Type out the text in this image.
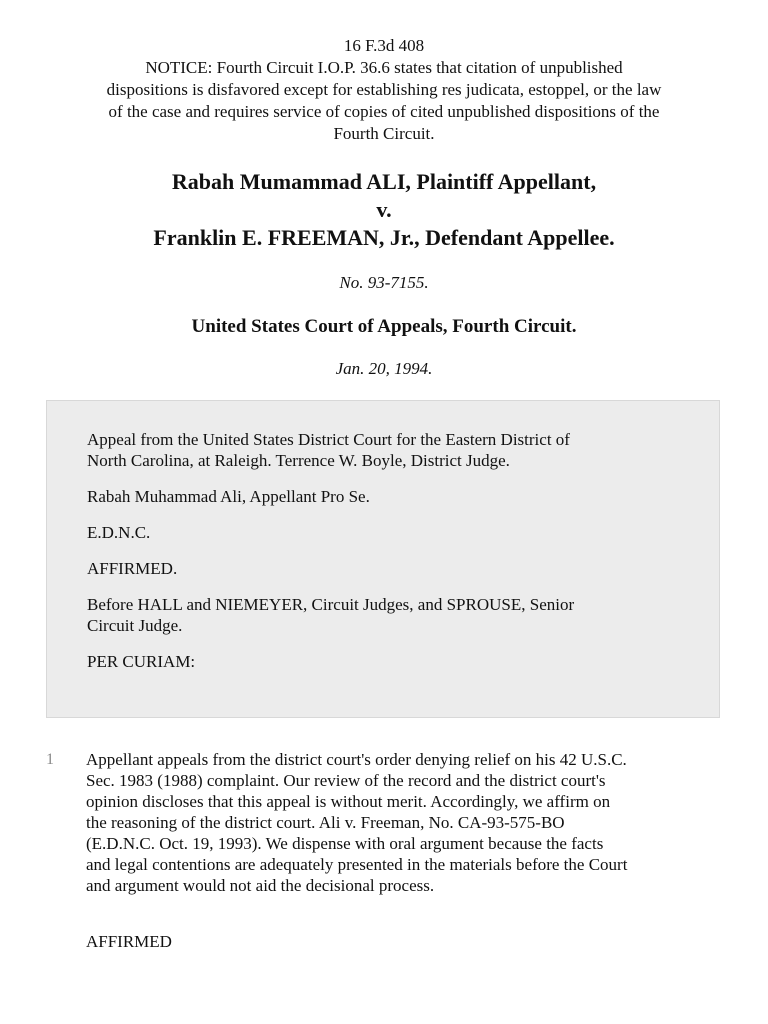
16 F.3d 408
NOTICE: Fourth Circuit I.O.P. 36.6 states that citation of unpublished
dispositions is disfavored except for establishing res judicata, estoppel, or the law
of the case and requires service of copies of cited unpublished dispositions of the
Fourth Circuit.
Rabah Mumammad ALI, Plaintiff Appellant,
v.
Franklin E. FREEMAN, Jr., Defendant Appellee.
No. 93-7155.
United States Court of Appeals, Fourth Circuit.
Jan. 20, 1994.

Appeal from the United States District Court for the Eastern District of
North Carolina, at Raleigh. Terrence W. Boyle, District Judge.

Rabah Muhammad Ali, Appellant Pro Se.

E.D.N.C.

AFFIRMED.

Before HALL and NIEMEYER, Circuit Judges, and SPROUSE, Senior
Circuit Judge.

PER CURIAM:

1 Appellant appeals from the district court's order denying relief on his 42 U.S.C.
Sec. 1983 (1988) complaint. Our review of the record and the district court's
opinion discloses that this appeal is without merit. Accordingly, we affirm on
the reasoning of the district court. Ali v. Freeman, No. CA-93-575-BO
(E.D.N.C. Oct. 19, 1993). We dispense with oral argument because the facts
and legal contentions are adequately presented in the materials before the Court
and argument would not aid the decisional process.
AFFIRMED
